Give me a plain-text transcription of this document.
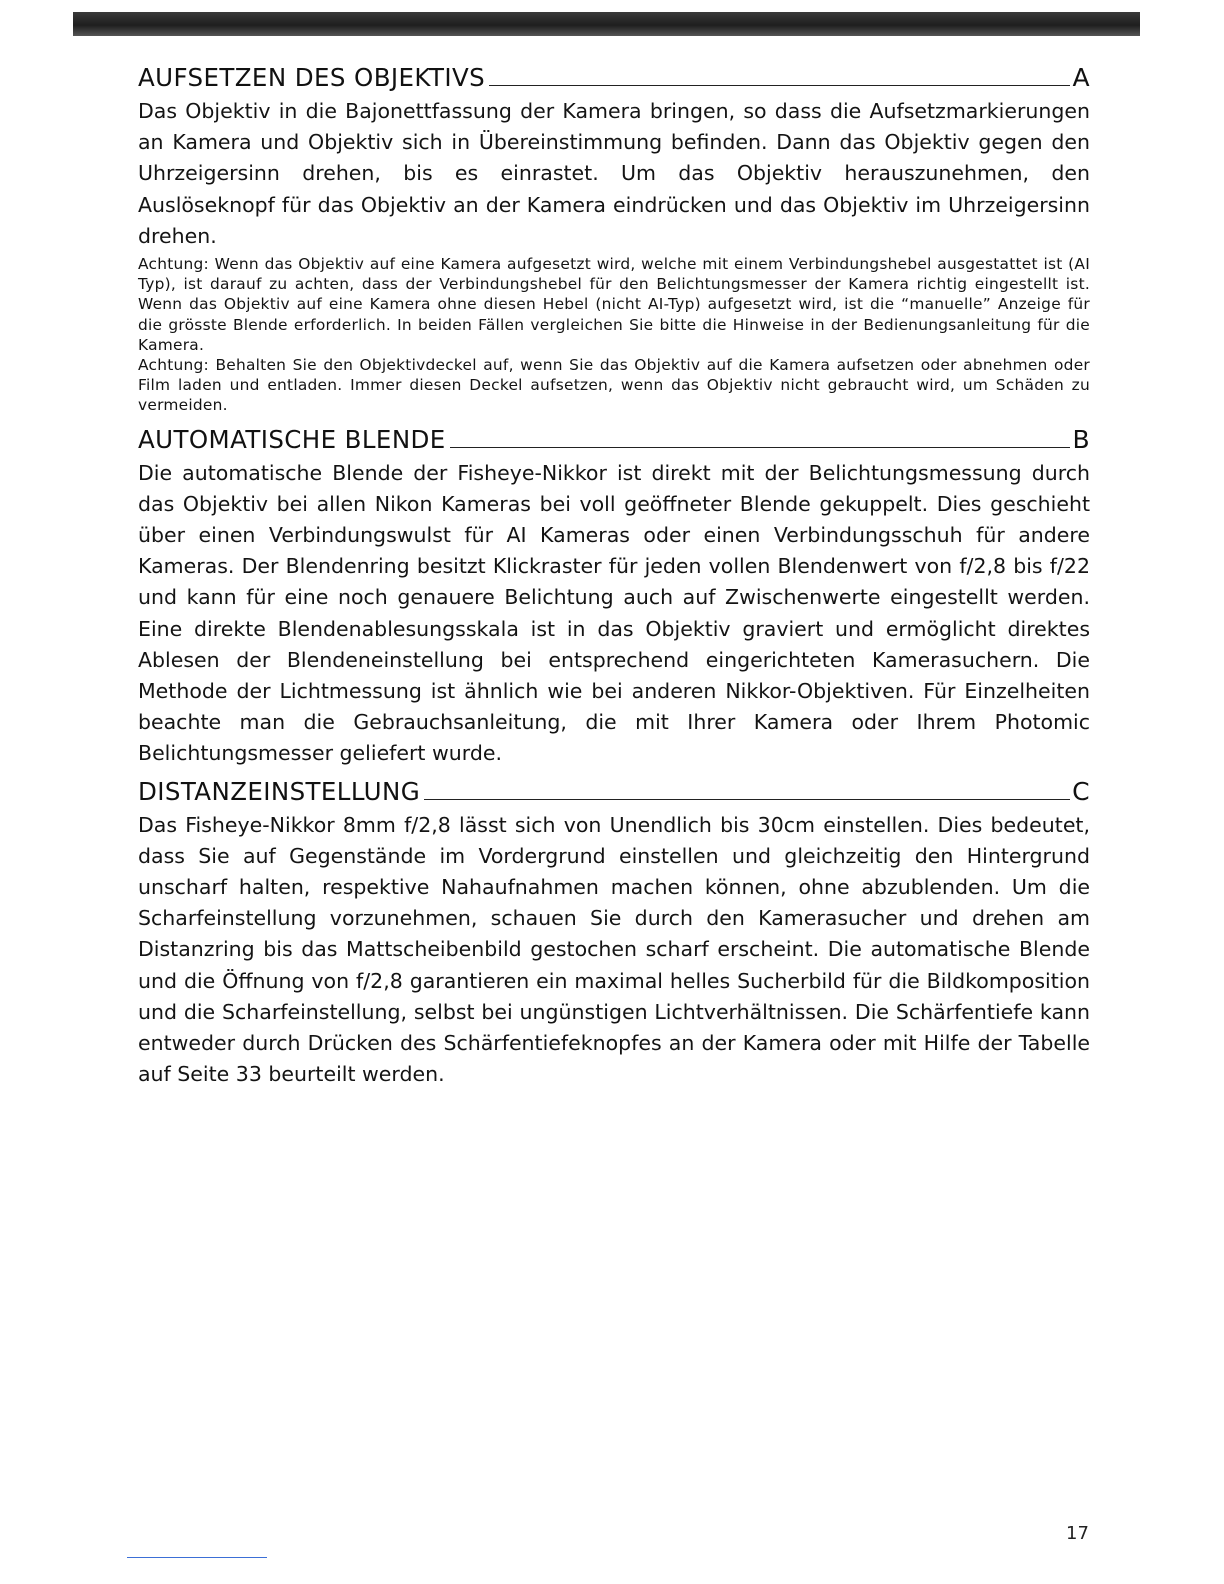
AUFSETZEN DES OBJEKTIVS	A

Das Objektiv in die Bajonettfassung der Kamera bringen, so dass die Aufsetzmarkierungen an Kamera und Objektiv sich in Übereinstimmung befinden. Dann das Objektiv gegen den Uhrzeigersinn drehen, bis es einrastet. Um das Objektiv herauszunehmen, den Auslöseknopf für das Objektiv an der Kamera eindrücken und das Objektiv im Uhrzeigersinn drehen.

Achtung: Wenn das Objektiv auf eine Kamera aufgesetzt wird, welche mit einem Verbindungshebel ausgestattet ist (AI Typ), ist darauf zu achten, dass der Verbindungshebel für den Belichtungsmesser der Kamera richtig eingestellt ist. Wenn das Objektiv auf eine Kamera ohne diesen Hebel (nicht AI-Typ) aufgesetzt wird, ist die “manuelle” Anzeige für die grösste Blende erforderlich. In beiden Fällen vergleichen Sie bitte die Hinweise in der Bedienungsanleitung für die Kamera.

Achtung: Behalten Sie den Objektivdeckel auf, wenn Sie das Objektiv auf die Kamera aufsetzen oder abnehmen oder Film laden und entladen. Immer diesen Deckel aufsetzen, wenn das Objektiv nicht gebraucht wird, um Schäden zu vermeiden.

AUTOMATISCHE BLENDE	B

Die automatische Blende der Fisheye-Nikkor ist direkt mit der Belichtungsmessung durch das Objektiv bei allen Nikon Kameras bei voll geöffneter Blende gekuppelt. Dies geschieht über einen Verbindungswulst für AI Kameras oder einen Verbindungsschuh für andere Kameras. Der Blendenring besitzt Klickraster für jeden vollen Blendenwert von f/2,8 bis f/22 und kann für eine noch genauere Belichtung auch auf Zwischenwerte eingestellt werden. Eine direkte Blendenablesungsskala ist in das Objektiv graviert und ermöglicht direktes Ablesen der Blendeneinstellung bei entsprechend eingerichteten Kamerasuchern. Die Methode der Lichtmessung ist ähnlich wie bei anderen Nikkor-Objektiven. Für Einzelheiten beachte man die Gebrauchsanleitung, die mit Ihrer Kamera oder Ihrem Photomic Belichtungsmesser geliefert wurde.

DISTANZEINSTELLUNG	C

Das Fisheye-Nikkor 8mm f/2,8 lässt sich von Unendlich bis 30cm einstellen. Dies bedeutet, dass Sie auf Gegenstände im Vordergrund einstellen und gleichzeitig den Hintergrund unscharf halten, respektive Nahaufnahmen machen können, ohne abzublenden. Um die Scharfeinstellung vorzunehmen, schauen Sie durch den Kamerasucher und drehen am Distanzring bis das Mattscheibenbild gestochen scharf erscheint. Die automatische Blende und die Öffnung von f/2,8 garantieren ein maximal helles Sucherbild für die Bildkomposition und die Scharfeinstellung, selbst bei ungünstigen Lichtverhältnissen. Die Schärfentiefe kann entweder durch Drücken des Schärfentiefeknopfes an der Kamera oder mit Hilfe der Tabelle auf Seite 33 beurteilt werden.

17
